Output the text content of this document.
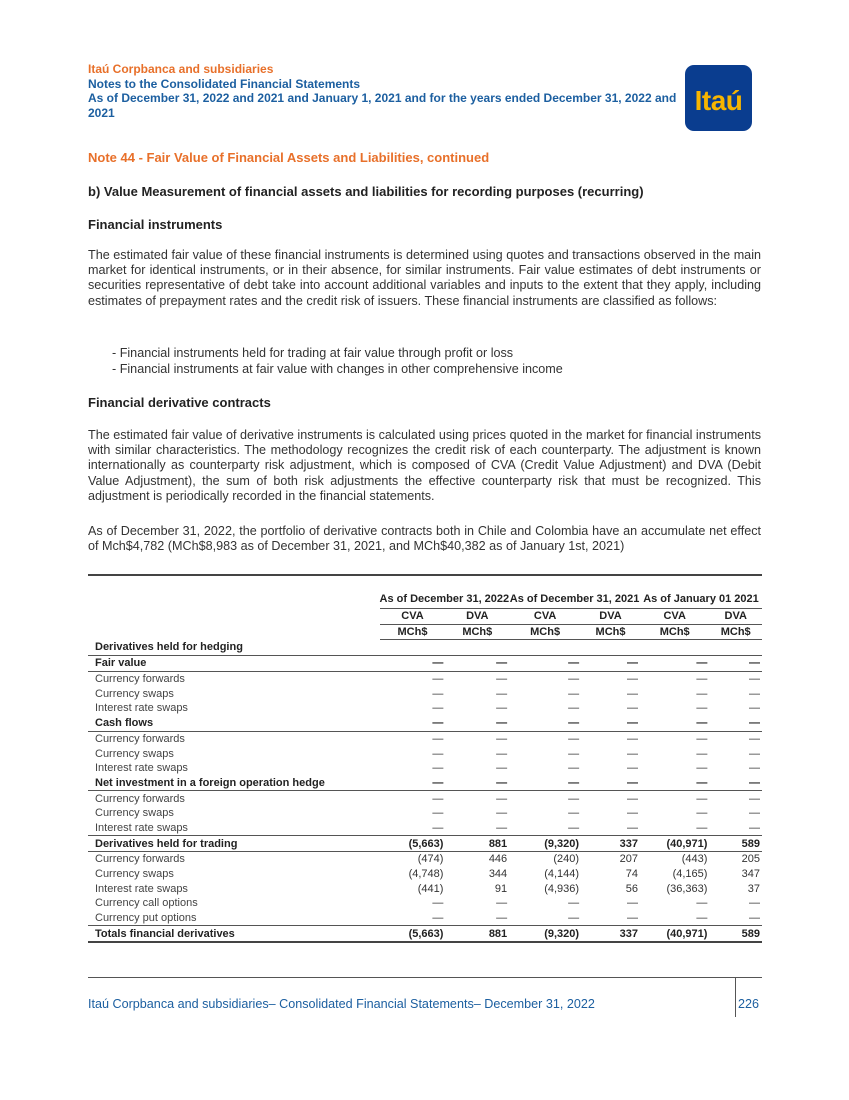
Itaú Corpbanca and subsidiaries
Notes to the Consolidated Financial Statements
As of December 31, 2022 and 2021 and January 1, 2021 and for the years ended December 31, 2022 and 2021	Itaú
Note 44 - Fair Value of Financial Assets and Liabilities, continued
b) Value Measurement of financial assets and liabilities for recording purposes (recurring)
Financial instruments
The estimated fair value of these financial instruments is determined using quotes and transactions observed in the main market for identical instruments, or in their absence, for similar instruments. Fair value estimates of debt instruments or securities representative of debt take into account additional variables and inputs to the extent that they apply, including estimates of prepayment rates and the credit risk of issuers. These financial instruments are classified as follows:
- Financial instruments held for trading at fair value through profit or loss
- Financial instruments at fair value with changes in other comprehensive income
Financial derivative contracts
The estimated fair value of derivative instruments is calculated using prices quoted in the market for financial instruments with similar characteristics. The methodology recognizes the credit risk of each counterparty. The adjustment is known internationally as counterparty risk adjustment, which is composed of CVA (Credit Value Adjustment) and DVA (Debit Value Adjustment), the sum of both risk adjustments the effective counterparty risk that must be recognized. This adjustment is periodically recorded in the financial statements.
As of December 31, 2022, the portfolio of derivative contracts both in Chile and Colombia have an accumulate net effect of Mch$4,782 (MCh$8,983 as of December 31, 2021, and MCh$40,382 as of January 1st, 2021)
	As of December 31, 2022		As of December 31, 2021		As of January 01 2021	
	CVA	DVA	CVA	DVA	CVA	DVA
	MCh$	MCh$	MCh$	MCh$	MCh$	MCh$
Derivatives held for hedging						
Fair value	—	—	—	—	—	—
Currency forwards	—	—	—	—	—	—
Currency swaps	—	—	—	—	—	—
Interest rate swaps	—	—	—	—	—	—
Cash flows	—	—	—	—	—	—
Currency forwards	—	—	—	—	—	—
Currency swaps	—	—	—	—	—	—
Interest rate swaps	—	—	—	—	—	—
Net investment in a foreign operation hedge	—	—	—	—	—	—
Currency forwards	—	—	—	—	—	—
Currency swaps	—	—	—	—	—	—
Interest rate swaps	—	—	—	—	—	—
Derivatives held for trading	(5,663)	881	(9,320)	337	(40,971)	589
Currency forwards	(474)	446	(240)	207	(443)	205
Currency swaps	(4,748)	344	(4,144)	74	(4,165)	347
Interest rate swaps	(441)	91	(4,936)	56	(36,363)	37
Currency call options	—	—	—	—	—	—
Currency put options	—	—	—	—	—	—
Totals financial derivatives	(5,663)	881	(9,320)	337	(40,971)	589
Itaú Corpbanca and subsidiaries– Consolidated Financial Statements– December 31, 2022	226
